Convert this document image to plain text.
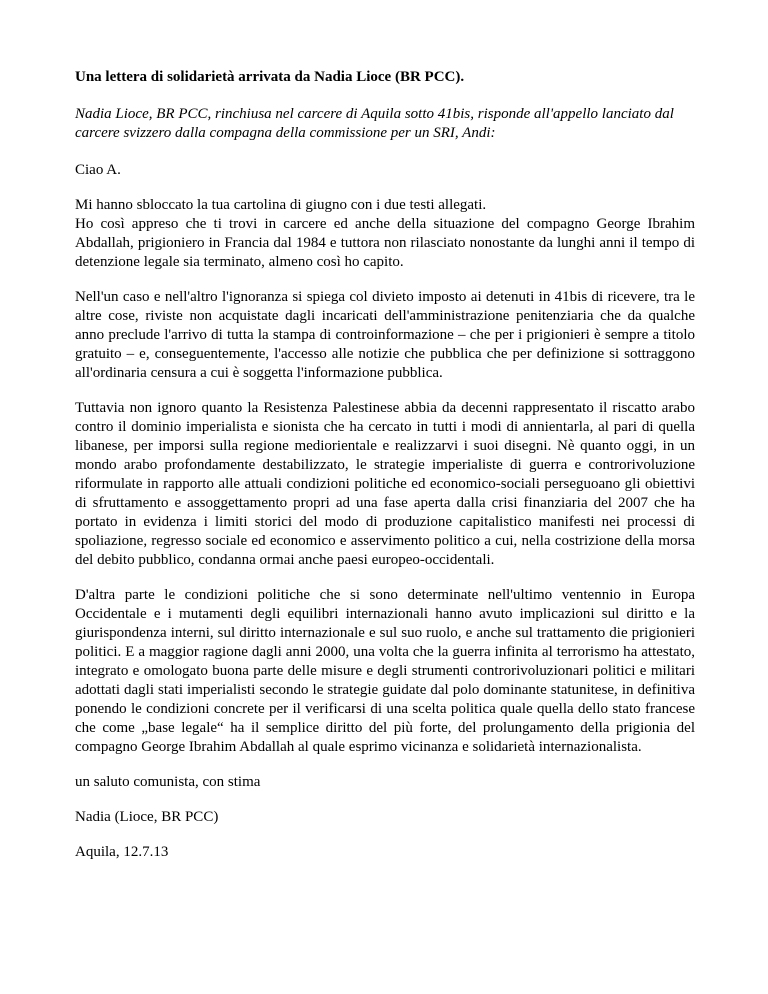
Una lettera di solidarietà arrivata da Nadia Lioce (BR PCC).
Nadia Lioce, BR PCC, rinchiusa nel carcere di Aquila sotto 41bis, risponde all'appello lanciato dal carcere svizzero dalla compagna della commissione per un SRI, Andi:

Ciao A.

Mi hanno sbloccato la tua cartolina di giugno con i due testi allegati.
Ho così appreso che ti trovi in carcere ed anche della situazione del compagno George Ibrahim Abdallah, prigioniero in Francia dal 1984 e tuttora non rilasciato nonostante da lunghi anni il tempo di detenzione legale sia terminato, almeno così ho capito.

Nell'un caso e nell'altro l'ignoranza si spiega col divieto imposto ai detenuti in 41bis di ricevere, tra le altre cose, riviste non acquistate dagli incaricati dell'amministrazione penitenziaria che da qualche anno preclude l'arrivo di tutta la stampa di controinformazione – che per i prigionieri è sempre a titolo gratuito – e, conseguentemente, l'accesso alle notizie che pubblica che per definizione si sottraggono all'ordinaria censura a cui è soggetta l'informazione pubblica.

Tuttavia non ignoro quanto la Resistenza Palestinese abbia da decenni rappresentato il riscatto arabo contro il dominio imperialista e sionista che ha cercato in tutti i modi di annientarla, al pari di quella libanese, per imporsi sulla regione mediorientale e realizzarvi i suoi disegni. Nè quanto oggi, in un mondo arabo profondamente destabilizzato, le strategie imperialiste di guerra e controrivoluzione riformulate in rapporto alle attuali condizioni politiche ed economico-sociali perseguoano gli obiettivi di sfruttamento e assoggettamento propri ad una fase aperta dalla crisi finanziaria del 2007 che ha portato in evidenza i limiti storici del modo di produzione capitalistico manifesti nei processi di spoliazione, regresso sociale ed economico e asservimento politico a cui, nella costrizione della morsa del debito pubblico, condanna ormai anche paesi europeo-occidentali.

D'altra parte le condizioni politiche che si sono determinate nell'ultimo ventennio in Europa Occidentale e i mutamenti degli equilibri internazionali hanno avuto implicazioni sul diritto e la giurispondenza interni, sul diritto internazionale e sul suo ruolo, e anche sul trattamento die prigionieri politici. E a maggior ragione dagli anni 2000, una volta che la guerra infinita al terrorismo ha attestato, integrato e omologato buona parte delle misure e degli strumenti controrivoluzionari politici e militari adottati dagli stati imperialisti secondo le strategie guidate dal polo dominante statunitese, in definitiva ponendo le condizioni concrete per il verificarsi di una scelta politica quale quella dello stato francese che come „base legale“ ha il semplice diritto del più forte, del prolungamento della prigionia del compagno George Ibrahim Abdallah al quale esprimo vicinanza e solidarietà internazionalista.

un saluto comunista, con stima

Nadia (Lioce, BR PCC)

Aquila, 12.7.13
